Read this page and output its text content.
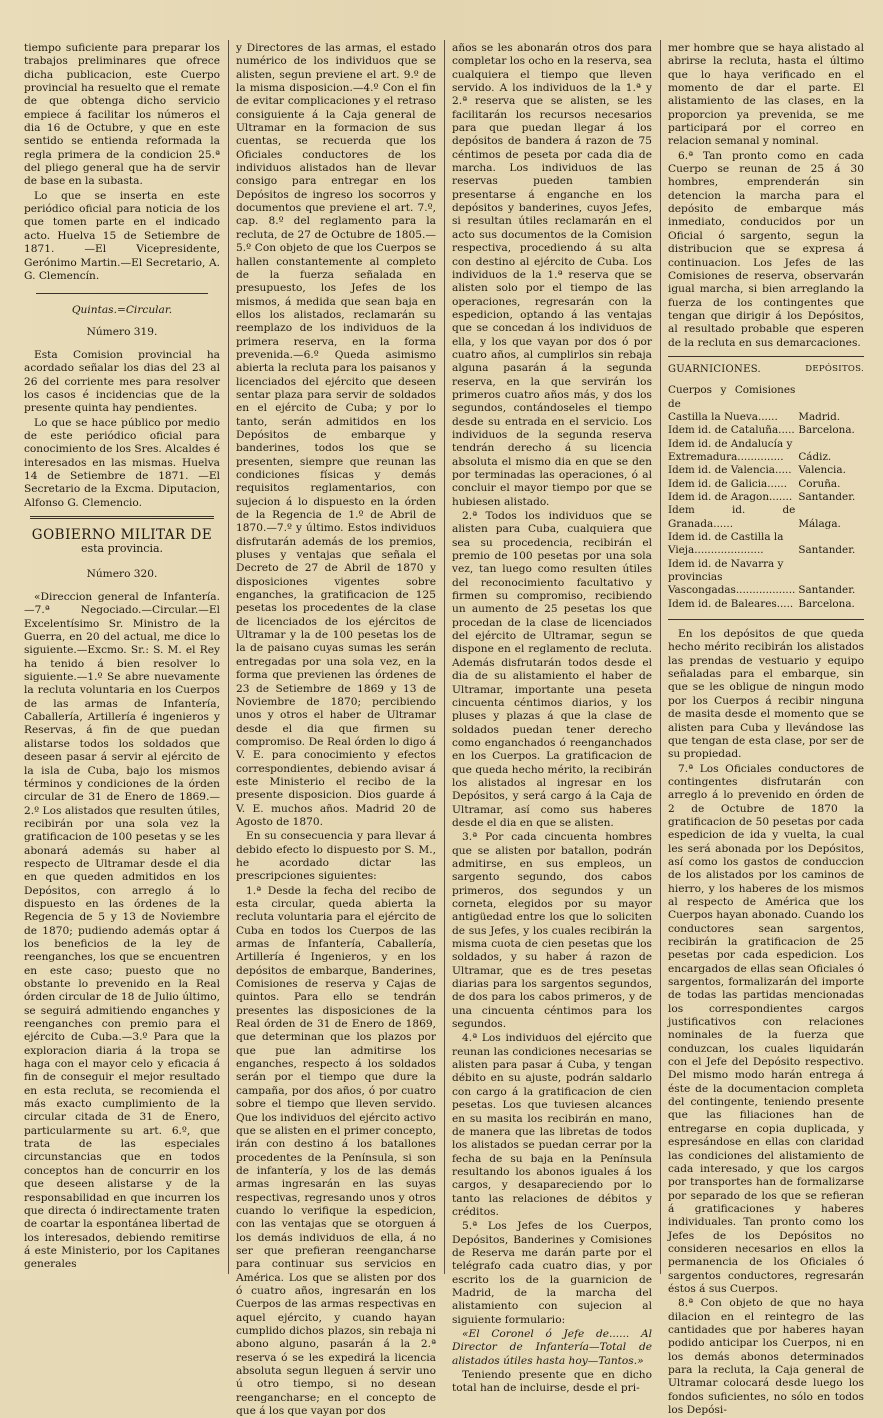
tiempo suficiente para preparar los trabajos preliminares que ofrece dicha publicacion, este Cuerpo provincial ha resuelto que el remate de que obtenga dicho servicio empiece á facilitar los números el dia 16 de Octubre, y que en este sentido se entienda reformada la regla primera de la condicion 25.ª del pliego general que ha de servir de base en la subasta.

Lo que se inserta en este periódico oficial para noticia de los que tomen parte en el indicado acto. Huelva 15 de Setiembre de 1871. —El Vicepresidente, Gerónimo Martin.—El Secretario, A. G. Clemencín.

Quintas.=Circular.
Número 319.

Esta Comision provincial ha acordado señalar los dias del 23 al 26 del corriente mes para resolver los casos é incidencias que de la presente quinta hay pendientes.

Lo que se hace público por medio de este periódico oficial para conocimiento de los Sres. Alcaldes é interesados en las mismas. Huelva 14 de Setiembre de 1871. —El Secretario de la Excma. Diputacion, Alfonso G. Clemencio.

GOBIERNO MILITAR DE
esta provincia.
Número 320.

«Direccion general de Infantería. —7.ª Negociado.—Circular.—El Excelentísimo Sr. Ministro de la Guerra, en 20 del actual, me dice lo siguiente.—Excmo. Sr.: S. M. el Rey ha tenido á bien resolver lo siguiente.—1.º Se abre nuevamente la recluta voluntaria en los Cuerpos de las armas de Infantería, Caballería, Artillería é ingenieros y Reservas, á fin de que puedan alistarse todos los soldados que deseen pasar á servir al ejército de la isla de Cuba, bajo los mismos términos y condiciones de la órden circular de 31 de Enero de 1869.—2.º Los alistados que resulten útiles, recibirán por una sola vez la gratificacion de 100 pesetas y se les abonará además su haber al respecto de Ultramar desde el dia en que queden admitidos en los Depósitos, con arreglo á lo dispuesto en las órdenes de la Regencia de 5 y 13 de Noviembre de 1870; pudiendo además optar á los beneficios de la ley de reenganches, los que se encuentren en este caso; puesto que no obstante lo prevenido en la Real órden circular de 18 de Julio último, se seguirá admitiendo enganches y reenganches con premio para el ejército de Cuba.—3.º Para que la exploracion diaria á la tropa se haga con el mayor celo y eficacia á fin de conseguir el mejor resultado en esta recluta, se recomienda el más exacto cumplimiento de la circular citada de 31 de Enero, particularmente su art. 6.º, que trata de las especiales circunstancias que en todos conceptos han de concurrir en los que deseen alistarse y de la responsabilidad en que incurren los que directa ó indirectamente traten de coartar la espontánea libertad de los interesados, debiendo remitirse á este Ministerio, por los Capitanes generales

y Directores de las armas, el estado numérico de los individuos que se alisten, segun previene el art. 9.º de la misma disposicion.—4.º Con el fin de evitar complicaciones y el retraso consiguiente á la Caja general de Ultramar en la formacion de sus cuentas, se recuerda que los Oficiales conductores de los individuos alistados han de llevar consigo para entregar en los Depósitos de ingreso los socorros y documentos que previene el art. 7.º, cap. 8.º del reglamento para la recluta, de 27 de Octubre de 1805.—5.º Con objeto de que los Cuerpos se hallen constantemente al completo de la fuerza señalada en presupuesto, los Jefes de los mismos, á medida que sean baja en ellos los alistados, reclamarán su reemplazo de los individuos de la primera reserva, en la forma prevenida.—6.º Queda asimismo abierta la recluta para los paisanos y licenciados del ejército que deseen sentar plaza para servir de soldados en el ejército de Cuba; y por lo tanto, serán admitidos en los Depósitos de embarque y banderines, todos los que se presenten, siempre que reunan las condiciones físicas y demás requisitos reglamentarios, con sujecion á lo dispuesto en la órden de la Regencia de 1.º de Abril de 1870.—7.º y último. Estos individuos disfrutarán además de los premios, pluses y ventajas que señala el Decreto de 27 de Abril de 1870 y disposiciones vigentes sobre enganches, la gratificacion de 125 pesetas los procedentes de la clase de licenciados de los ejércitos de Ultramar y la de 100 pesetas los de la de paisano cuyas sumas les serán entregadas por una sola vez, en la forma que previenen las órdenes de 23 de Setiembre de 1869 y 13 de Noviembre de 1870; percibiendo unos y otros el haber de Ultramar desde el dia que firmen su compromiso. De Real órden lo digo á V. E. para conocimiento y efectos correspondientes, debiendo avisar á este Ministerio el recibo de la presente disposicion. Dios guarde á V. E. muchos años. Madrid 20 de Agosto de 1870.

En su consecuencia y para llevar á debido efecto lo dispuesto por S. M., he acordado dictar las prescripciones siguientes:

1.ª Desde la fecha del recibo de esta circular, queda abierta la recluta voluntaria para el ejército de Cuba en todos los Cuerpos de las armas de Infantería, Caballería, Artillería é Ingenieros, y en los depósitos de embarque, Banderines, Comisiones de reserva y Cajas de quintos. Para ello se tendrán presentes las disposiciones de la Real órden de 31 de Enero de 1869, que determinan que los plazos por que pue lan admitirse los enganches, respecto á los soldados serán por el tiempo que dure la campaña, por dos años, ó por cuatro sobre el tiempo que lleven servido. Que los individuos del ejército activo que se alisten en el primer concepto, irán con destino á los batallones procedentes de la Península, si son de infantería, y los de las demás armas ingresarán en las suyas respectivas, regresando unos y otros cuando lo verifique la espedicion, con las ventajas que se otorguen á los demás individuos de ella, á no ser que prefieran reengancharse para continuar sus servicios en América. Los que se alisten por dos ó cuatro años, ingresarán en los Cuerpos de las armas respectivas en aquel ejército, y cuando hayan cumplido dichos plazos, sin rebaja ni abono alguno, pasarán á la 2.ª reserva ó se les expedirá la licencia absoluta segun lleguen á servir uno ú otro tiempo, si no desean reengancharse; en el concepto de que á los que vayan por dos

años se les abonarán otros dos para completar los ocho en la reserva, sea cualquiera el tiempo que lleven servido. A los individuos de la 1.ª y 2.ª reserva que se alisten, se les facilitarán los recursos necesarios para que puedan llegar á los depósitos de bandera á razon de 75 céntimos de peseta por cada dia de marcha. Los individuos de las reservas pueden tambien presentarse á enganche en los depósitos y banderines, cuyos Jefes, si resultan útiles reclamarán en el acto sus documentos de la Comision respectiva, procediendo á su alta con destino al ejército de Cuba. Los individuos de la 1.ª reserva que se alisten solo por el tiempo de las operaciones, regresarán con la espedicion, optando á las ventajas que se concedan á los individuos de ella, y los que vayan por dos ó por cuatro años, al cumplirlos sin rebaja alguna pasarán á la segunda reserva, en la que servirán los primeros cuatro años más, y dos los segundos, contándoseles el tiempo desde su entrada en el servicio. Los individuos de la segunda reserva tendrán derecho á su licencia absoluta el mismo dia en que se den por terminadas las operaciones, ó al concluir el mayor tiempo por que se hubiesen alistado.

2.ª Todos los individuos que se alisten para Cuba, cualquiera que sea su procedencia, recibirán el premio de 100 pesetas por una sola vez, tan luego como resulten útiles del reconocimiento facultativo y firmen su compromiso, recibiendo un aumento de 25 pesetas los que procedan de la clase de licenciados del ejército de Ultramar, segun se dispone en el reglamento de recluta. Además disfrutarán todos desde el dia de su alistamiento el haber de Ultramar, importante una peseta cincuenta céntimos diarios, y los pluses y plazas á que la clase de soldados puedan tener derecho como enganchados ó reenganchados en los Cuerpos. La gratificacion de que queda hecho mérito, la recibirán los alistados al ingresar en los Depósitos, y será cargo á la Caja de Ultramar, así como sus haberes desde el dia en que se alisten.

3.ª Por cada cincuenta hombres que se alisten por batallon, podrán admitirse, en sus empleos, un sargento segundo, dos cabos primeros, dos segundos y un corneta, elegidos por su mayor antigüedad entre los que lo soliciten de sus Jefes, y los cuales recibirán la misma cuota de cien pesetas que los soldados, y su haber á razon de Ultramar, que es de tres pesetas diarias para los sargentos segundos, de dos para los cabos primeros, y de una cincuenta céntimos para los segundos.

4.ª Los individuos del ejército que reunan las condiciones necesarias se alisten para pasar á Cuba, y tengan débito en su ajuste, podrán saldarlo con cargo á la gratificacion de cien pesetas. Los que tuviesen alcances en su masita los recibirán en mano, de manera que las libretas de todos los alistados se puedan cerrar por la fecha de su baja en la Península resultando los abonos iguales á los cargos, y desapareciendo por lo tanto las relaciones de débitos y créditos.

5.ª Los Jefes de los Cuerpos, Depósitos, Banderines y Comisiones de Reserva me darán parte por el telégrafo cada cuatro dias, y por escrito los de la guarnicion de Madrid, de la marcha del alistamiento con sujecion al siguiente formulario:

«El Coronel ó Jefe de...... Al Director de Infantería—Total de alistados útiles hasta hoy—Tantos.»

Teniendo presente que en dicho total han de incluirse, desde el pri-

mer hombre que se haya alistado al abrirse la recluta, hasta el último que lo haya verificado en el momento de dar el parte. El alistamiento de las clases, en la proporcion ya prevenida, se me participará por el correo en relacion semanal y nominal.

6.ª Tan pronto como en cada Cuerpo se reunan de 25 á 30 hombres, emprenderán sin detencion la marcha para el depósito de embarque más inmediato, conducidos por un Oficial ó sargento, segun la distribucion que se expresa á continuacion. Los Jefes de las Comisiones de reserva, observarán igual marcha, si bien arreglando la fuerza de los contingentes que tengan que dirigir á los Depósitos, al resultado probable que esperen de la recluta en sus demarcaciones.

GUARNICIONES.	DEPÓSITOS.
Cuerpos y Comisiones de	
Castilla la Nueva......	Madrid.
Idem id. de Cataluña.....	Barcelona.
Idem id. de Andalucía y	
Extremadura..............	Cádiz.
Idem id. de Valencia.....	Valencia.
Idem id. de Galicia......	Coruña.
Idem id. de Aragon.......	Santander.
Idem id. de Granada......	Málaga.
Idem id. de Castilla la	
Vieja.....................	Santander.
Idem id. de Navarra y	
provincias Vascongadas..................	Santander.
Idem id. de Baleares.....	Barcelona.

En los depósitos de que queda hecho mérito recibirán los alistados las prendas de vestuario y equipo señaladas para el embarque, sin que se les obligue de ningun modo por los Cuerpos á recibir ninguna de masita desde el momento que se alisten para Cuba y llevándose las que tengan de esta clase, por ser de su propiedad.

7.ª Los Oficiales conductores de contingentes disfrutarán con arreglo á lo prevenido en órden de 2 de Octubre de 1870 la gratificacion de 50 pesetas por cada espedicion de ida y vuelta, la cual les será abonada por los Depósitos, así como los gastos de conduccion de los alistados por los caminos de hierro, y los haberes de los mismos al respecto de América que los Cuerpos hayan abonado. Cuando los conductores sean sargentos, recibirán la gratificacion de 25 pesetas por cada espedicion. Los encargados de ellas sean Oficiales ó sargentos, formalizarán del importe de todas las partidas mencionadas los correspondientes cargos justificativos con relaciones nominales de la fuerza que conduzcan, los cuales liquidarán con el Jefe del Depósito respectivo. Del mismo modo harán entrega á éste de la documentacion completa del contingente, teniendo presente que las filiaciones han de entregarse en copia duplicada, y espresándose en ellas con claridad las condiciones del alistamiento de cada interesado, y que los cargos por transportes han de formalizarse por separado de los que se refieran á gratificaciones y haberes individuales. Tan pronto como los Jefes de los Depósitos no consideren necesarios en ellos la permanencia de los Oficiales ó sargentos conductores, regresarán éstos á sus Cuerpos.

8.ª Con objeto de que no haya dilacion en el reintegro de las cantidades que por haberes hayan podido anticipar los Cuerpos, ni en los demás abonos determinados para la recluta, la Caja general de Ultramar colocará desde luego los fondos suficientes, no sólo en todos los Depósi-
